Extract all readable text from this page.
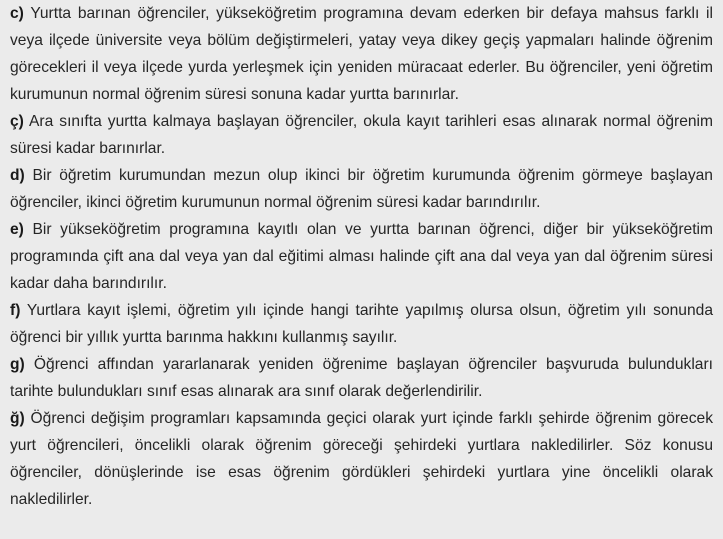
c) Yurtta barınan öğrenciler, yükseköğretim programına devam ederken bir defaya mahsus farklı il veya ilçede üniversite veya bölüm değiştirmeleri, yatay veya dikey geçiş yapmaları halinde öğrenim görecekleri il veya ilçede yurda yerleşmek için yeniden müracaat ederler. Bu öğrenciler, yeni öğretim kurumunun normal öğrenim süresi sonuna kadar yurtta barınırlar.

ç) Ara sınıfta yurtta kalmaya başlayan öğrenciler, okula kayıt tarihleri esas alınarak normal öğrenim süresi kadar barınırlar.

d) Bir öğretim kurumundan mezun olup ikinci bir öğretim kurumunda öğrenim görmeye başlayan öğrenciler, ikinci öğretim kurumunun normal öğrenim süresi kadar barındırılır.

e) Bir yükseköğretim programına kayıtlı olan ve yurtta barınan öğrenci, diğer bir yükseköğretim programında çift ana dal veya yan dal eğitimi alması halinde çift ana dal veya yan dal öğrenim süresi kadar daha barındırılır.

f) Yurtlara kayıt işlemi, öğretim yılı içinde hangi tarihte yapılmış olursa olsun, öğretim yılı sonunda öğrenci bir yıllık yurtta barınma hakkını kullanmış sayılır.

g) Öğrenci affından yararlanarak yeniden öğrenime başlayan öğrenciler başvuruda bulundukları tarihte bulundukları sınıf esas alınarak ara sınıf olarak değerlendirilir.

ğ) Öğrenci değişim programları kapsamında geçici olarak yurt içinde farklı şehirde öğrenim görecek yurt öğrencileri, öncelikli olarak öğrenim göreceği şehirdeki yurtlara nakledilirler. Söz konusu öğrenciler, dönüşlerinde ise esas öğrenim gördükleri şehirdeki yurtlara yine öncelikli olarak nakledilirler.
